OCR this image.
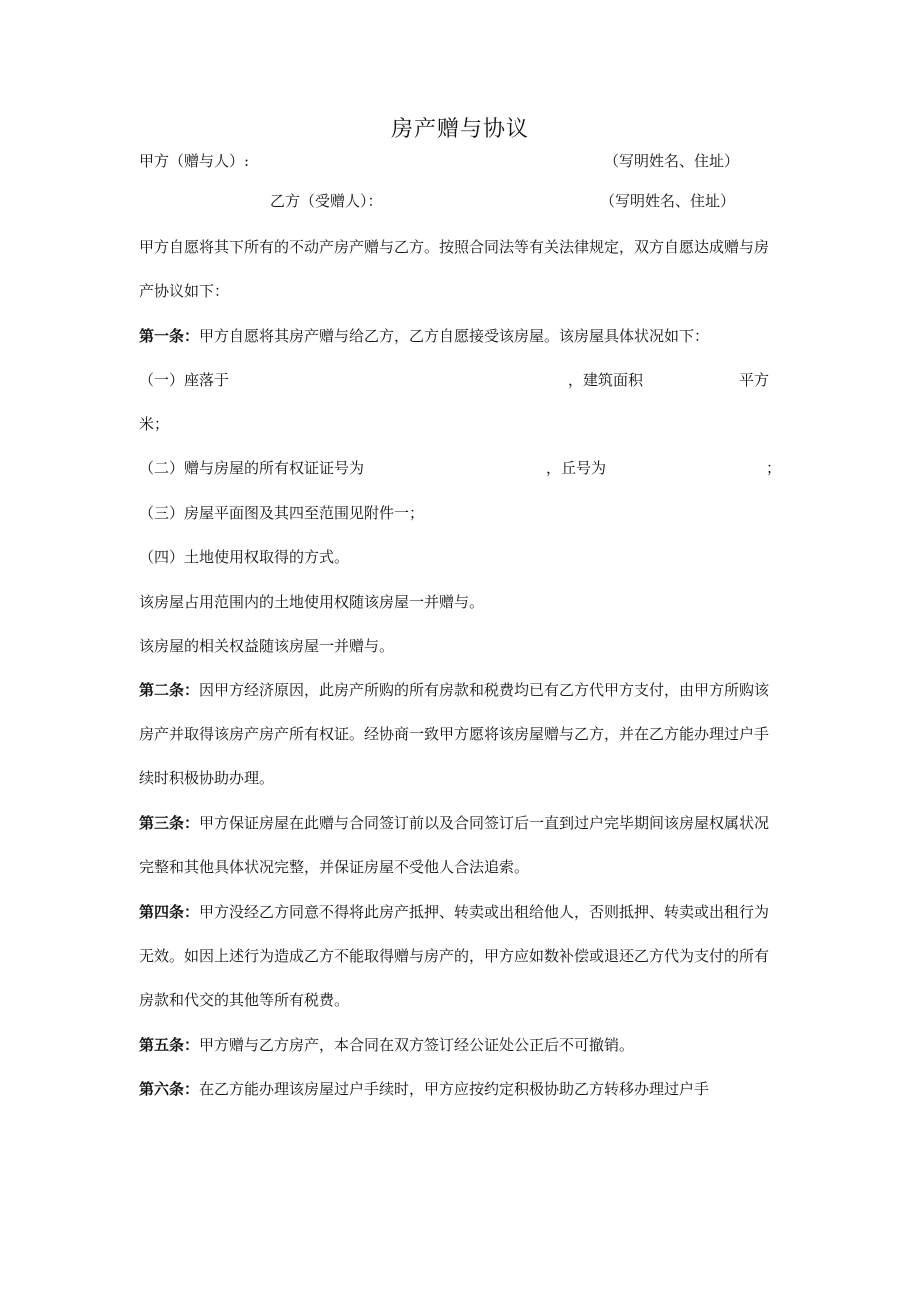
房产赠与协议
甲方（赠与人）:	（写明姓名、住址）
乙方（受赠人）：	（写明姓名、住址）
甲方自愿将其下所有的不动产房产赠与乙方。按照合同法等有关法律规定，双方自愿达成赠与房
产协议如下：
第一条：甲方自愿将其房产赠与给乙方，乙方自愿接受该房屋。该房屋具体状况如下：
（一）座落于	，建筑面积	平方
米；
（二）赠与房屋的所有权证证号为	，丘号为	；
（三）房屋平面图及其四至范围见附件一；
（四）土地使用权取得的方式。
该房屋占用范围内的土地使用权随该房屋一并赠与。
该房屋的相关权益随该房屋一并赠与。
第二条：因甲方经济原因，此房产所购的所有房款和税费均已有乙方代甲方支付，由甲方所购该
房产并取得该房产房产所有权证。经协商一致甲方愿将该房屋赠与乙方，并在乙方能办理过户手
续时积极协助办理。
第三条：甲方保证房屋在此赠与合同签订前以及合同签订后一直到过户完毕期间该房屋权属状况
完整和其他具体状况完整，并保证房屋不受他人合法追索。
第四条：甲方没经乙方同意不得将此房产抵押、转卖或出租给他人，否则抵押、转卖或出租行为
无效。如因上述行为造成乙方不能取得赠与房产的，甲方应如数补偿或退还乙方代为支付的所有
房款和代交的其他等所有税费。
第五条：甲方赠与乙方房产，本合同在双方签订经公证处公正后不可撤销。
第六条：在乙方能办理该房屋过户手续时，甲方应按约定积极协助乙方转移办理过户手
